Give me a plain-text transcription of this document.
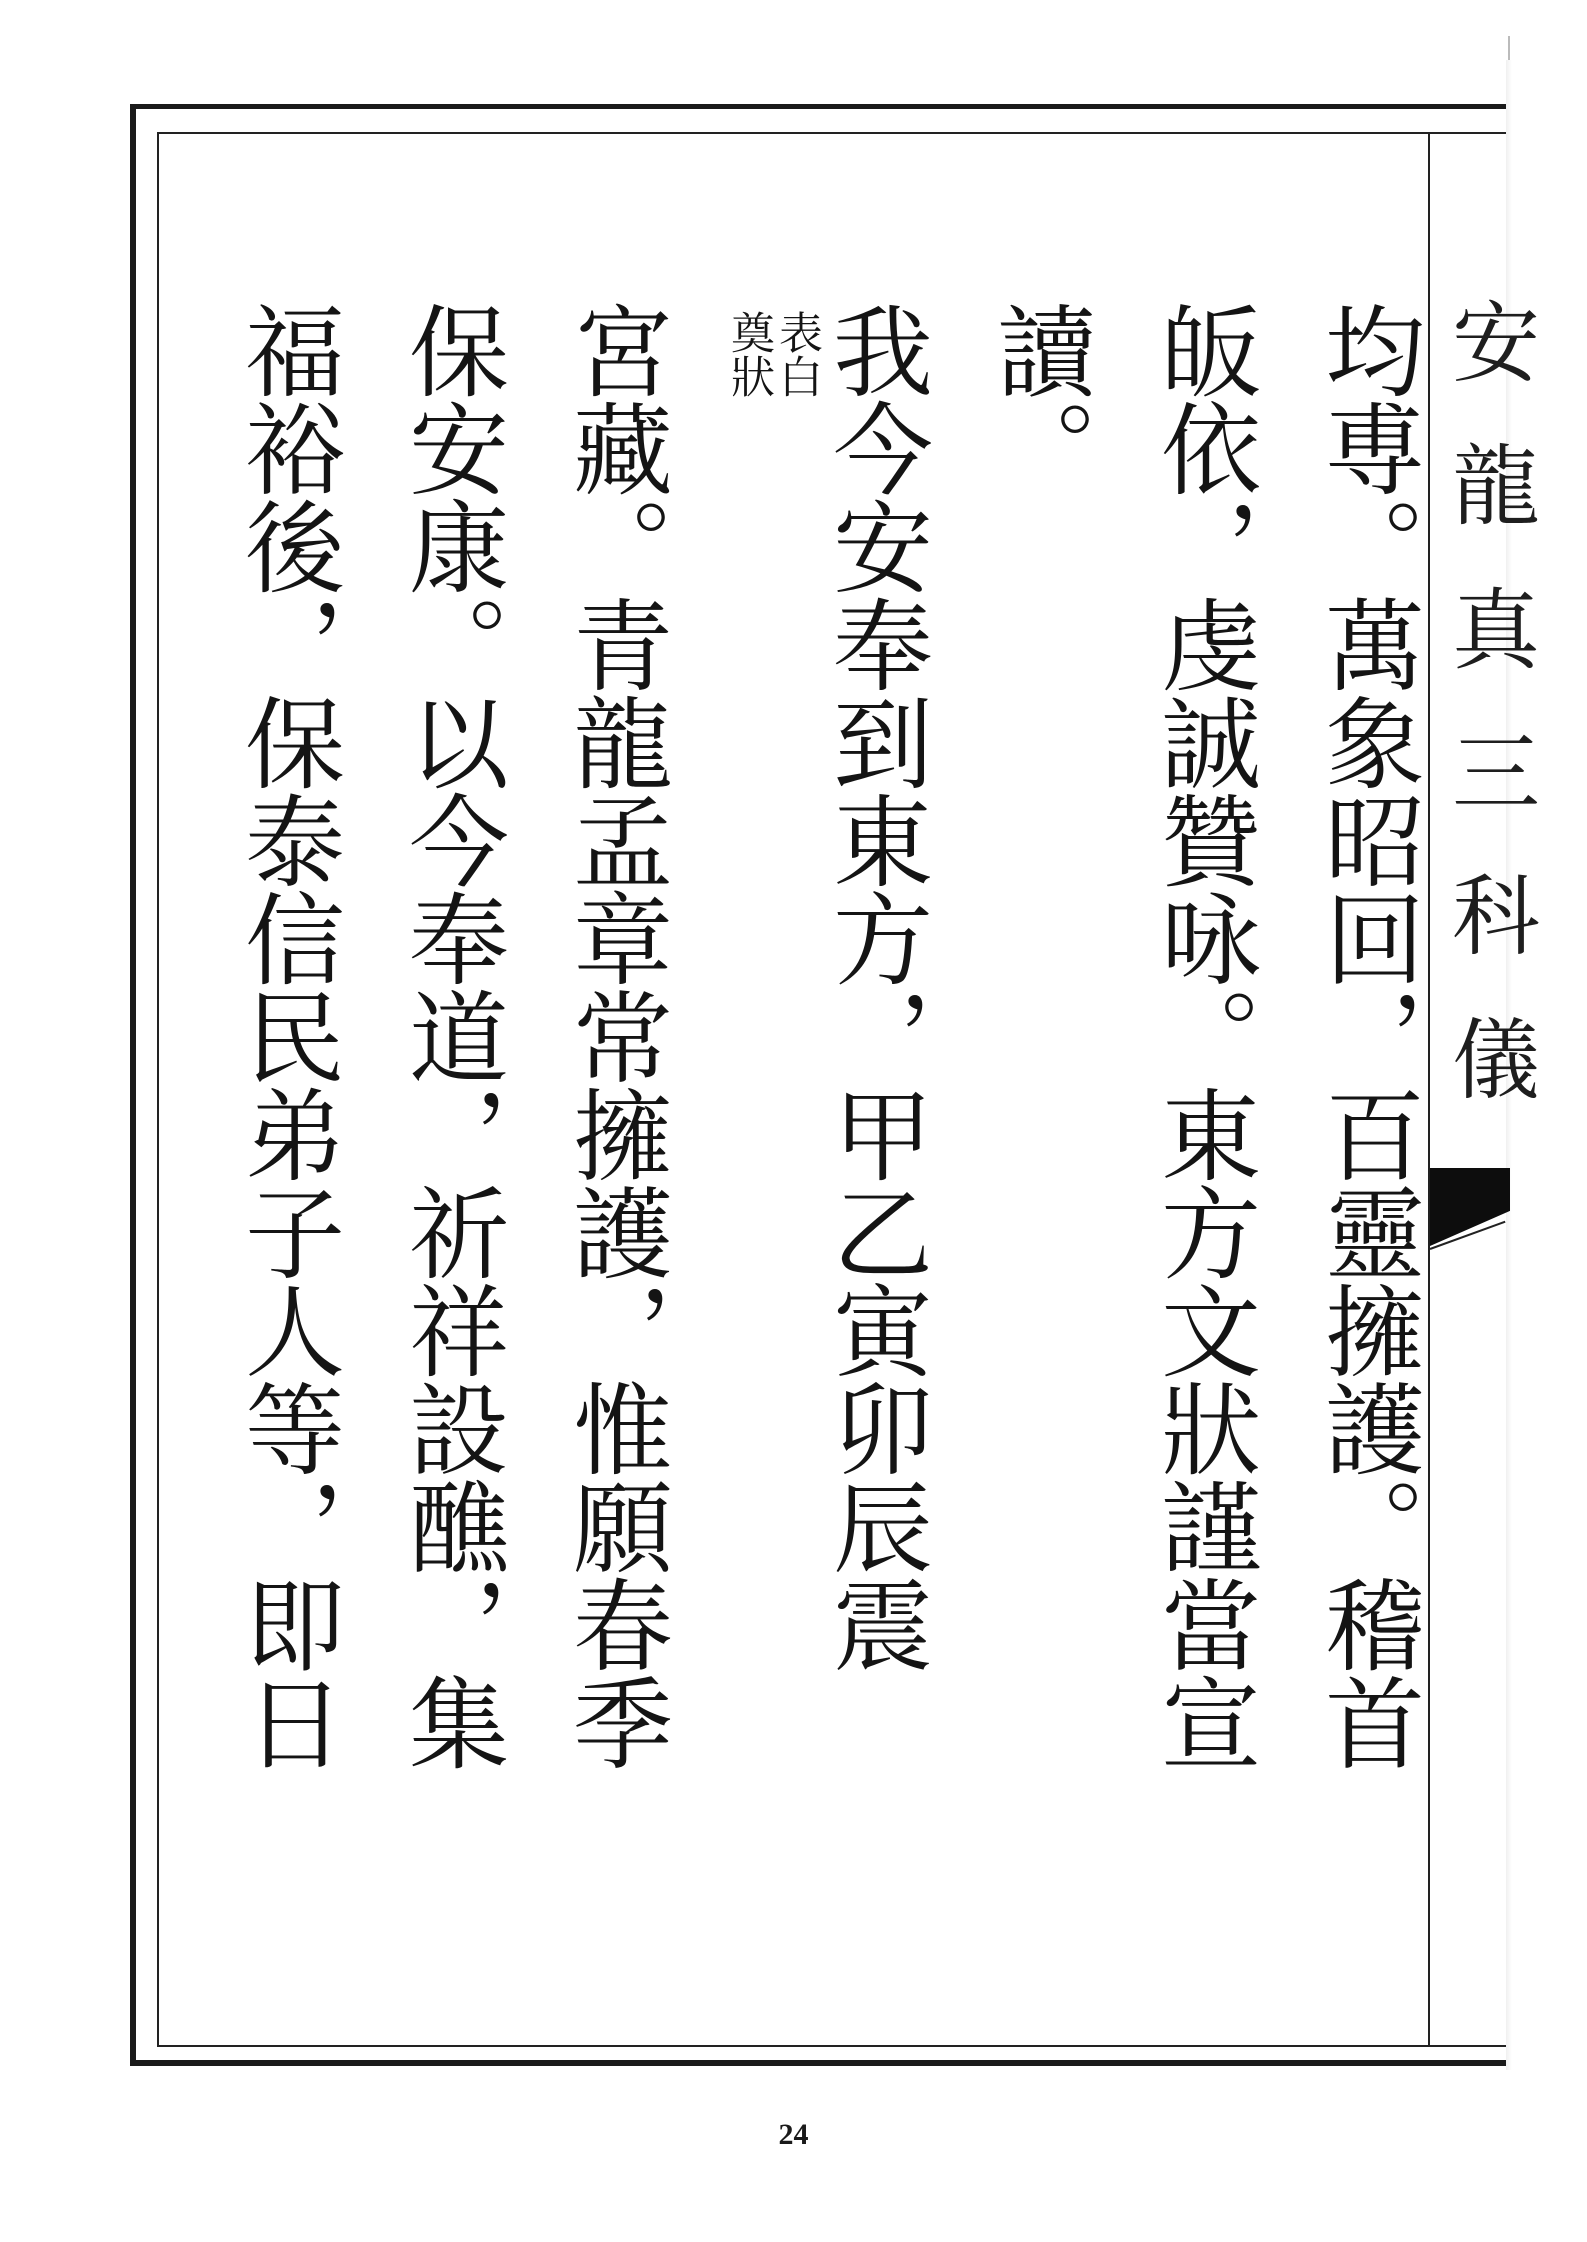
安
龍
真
三
科
儀

均尃。萬象昭回，百靈擁護。稽首

皈依，虔誠贊咏。東方文狀謹當宣

讀。

我今安奉到東方，甲乙寅卯辰震

表白奠狀

宮藏。青龍孟章常擁護，惟願春季

保安康。以今奉道，祈祥設醮，集

福裕後，保泰信民弟子人等，即日

24
